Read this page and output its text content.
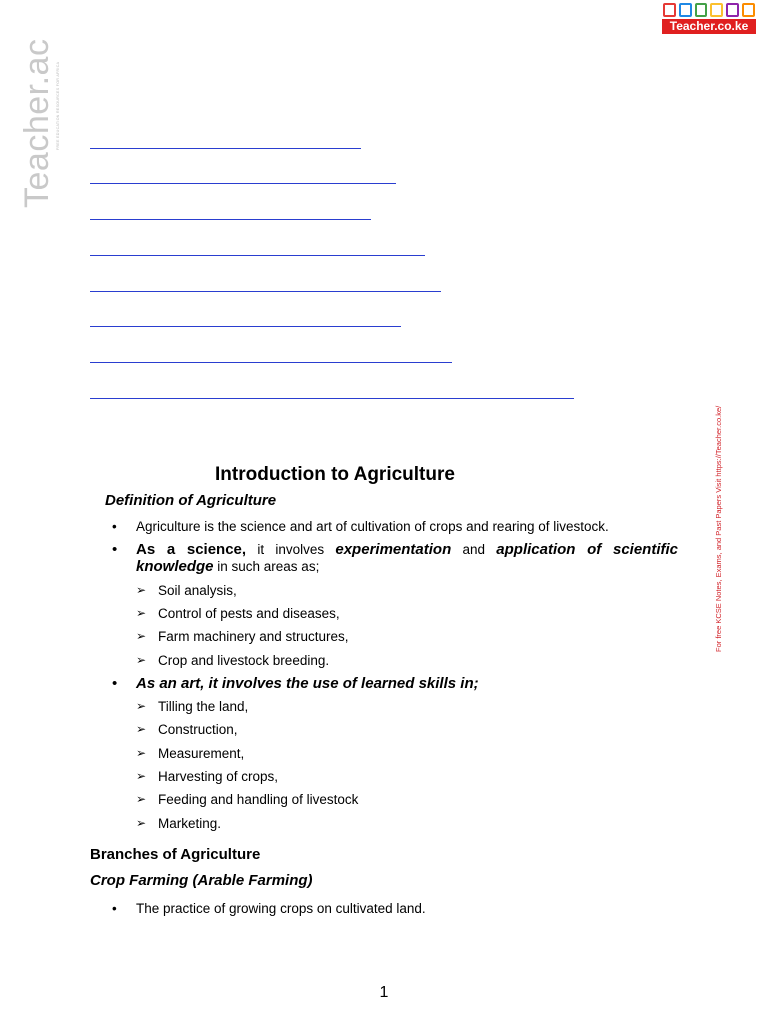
Teacher.co.ke
Teacher.ac FREE EDUCATION RESOURCES FOR AFRICA
For free KCSE Notes, Exams, and Past Papers Visit https://Teacher.co.ke/
Introduction to Agriculture
Definition of Agriculture
• Agriculture is the science and art of cultivation of crops and rearing of livestock.
• As a science, it involves experimentation and application of scientific knowledge in such areas as;
➢ Soil analysis,
➢ Control of pests and diseases,
➢ Farm machinery and structures,
➢ Crop and livestock breeding.
• As an art, it involves the use of learned skills in;
➢ Tilling the land,
➢ Construction,
➢ Measurement,
➢ Harvesting of crops,
➢ Feeding and handling of livestock
➢ Marketing.
Branches of Agriculture
Crop Farming (Arable Farming)
• The practice of growing crops on cultivated land.
1
